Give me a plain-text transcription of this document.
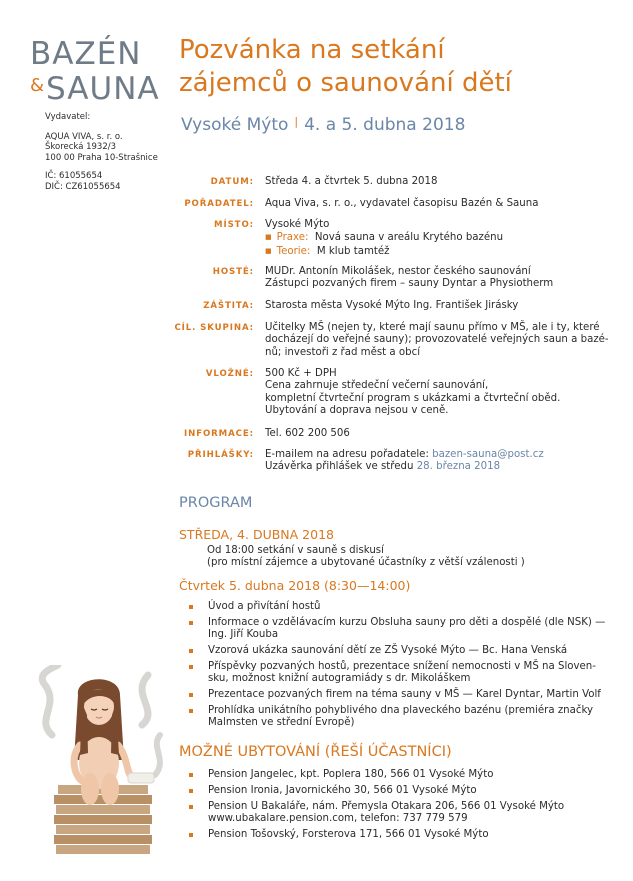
BAZÉN
&SAUNA
Vydavatel:
AQUA VIVA, s. r. o.
Škorecká 1932/3
100 00 Praha 10-Strašnice
IČ: 61055654
DIČ: CZ61055654
Pozvánka na setkání
zájemců o saunování dětí
Vysoké Mýto | 4. a 5. dubna 2018
DATUM: Středa 4. a čtvrtek 5. dubna 2018
POŘADATEL: Aqua Viva, s. r. o., vydavatel časopisu Bazén & Sauna
MÍSTO: Vysoké Mýto
■ Praxe: Nová sauna v areálu Krytého bazénu
■ Teorie: M klub tamtéž
HOSTÉ: MUDr. Antonín Mikolášek, nestor českého saunování
Zástupci pozvaných firem – sauny Dyntar a Physiotherm
ZÁŠTITA: Starosta města Vysoké Mýto Ing. František Jirásky
CÍL. SKUPINA: Učitelky MŠ (nejen ty, které mají saunu přímo v MŠ, ale i ty, které
docházejí do veřejné sauny); provozovatelé veřejných saun a bazé-
nů; investoři z řad měst a obcí
VLOŽNÉ: 500 Kč + DPH
Cena zahrnuje středeční večerní saunování,
kompletní čtvrteční program s ukázkami a čtvrteční oběd.
Ubytování a doprava nejsou v ceně.
INFORMACE: Tel. 602 200 506
PŘIHLÁŠKY: E-mailem na adresu pořadatele: bazen-sauna@post.cz
Uzávěrka přihlášek ve středu 28. března 2018
PROGRAM
STŘEDA, 4. DUBNA 2018
Od 18:00 setkání v sauně s diskusí
(pro místní zájemce a ubytované účastníky z větší vzálenosti )
Čtvrtek 5. dubna 2018 (8:30—14:00)
Úvod a přivítání hostů
Informace o vzdělávacím kurzu Obsluha sauny pro děti a dospělé (dle NSK) — Ing. Jiří Kouba
Vzorová ukázka saunování dětí ze ZŠ Vysoké Mýto — Bc. Hana Venská
Příspěvky pozvaných hostů, prezentace snížení nemocnosti v MŠ na Sloven-sku, možnost knižní autogramiády s dr. Mikoláškem
Prezentace pozvaných firem na téma sauny v MŠ — Karel Dyntar, Martin Volf
Prohlídka unikátního pohyblivého dna plaveckého bazénu (premiéra značky Malmsten ve střední Evropě)
MOŽNÉ UBYTOVÁNÍ (ŘEŠÍ ÚČASTNÍCI)
Pension Jangelec, kpt. Poplera 180, 566 01 Vysoké Mýto
Pension Ironia, Javornického 30, 566 01 Vysoké Mýto
Pension U Bakaláře, nám. Přemysla Otakara 206, 566 01 Vysoké Mýto www.ubakalare.pension.com, telefon: 737 779 579
Pension Tošovský, Forsterova 171, 566 01 Vysoké Mýto
